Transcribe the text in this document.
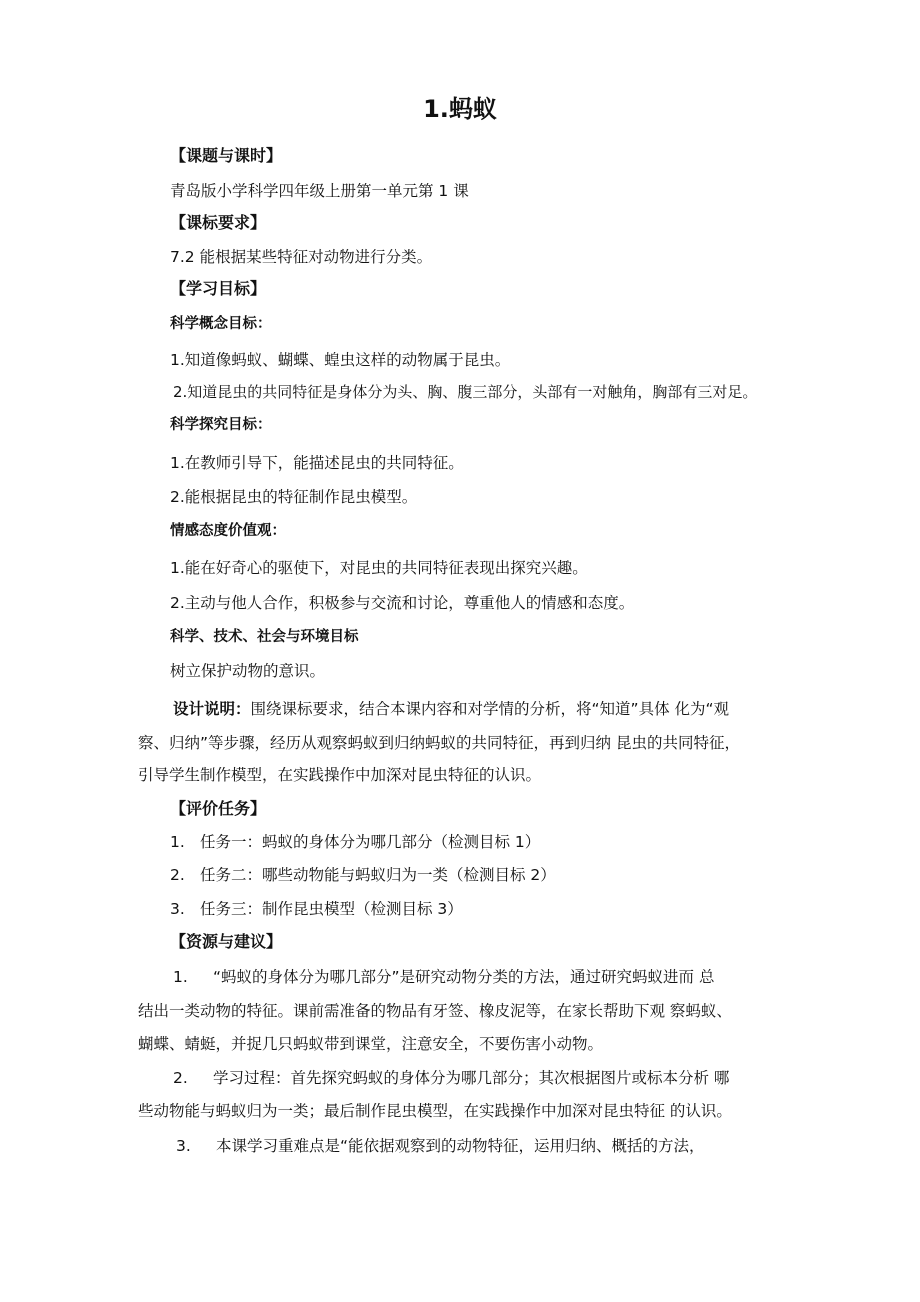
1.蚂蚁
【课题与课时】
青岛版小学科学四年级上册第一单元第 1 课
【课标要求】
7.2 能根据某些特征对动物进行分类。
【学习目标】
科学概念目标：
1.知道像蚂蚁、蝴蝶、蝗虫这样的动物属于昆虫。
2.知道昆虫的共同特征是身体分为头、胸、腹三部分，头部有一对触角，胸部有三对足。
科学探究目标：
1.在教师引导下，能描述昆虫的共同特征。
2.能根据昆虫的特征制作昆虫模型。
情感态度价值观：
1.能在好奇心的驱使下，对昆虫的共同特征表现出探究兴趣。
2.主动与他人合作，积极参与交流和讨论，尊重他人的情感和态度。
科学、技术、社会与环境目标
树立保护动物的意识。
设计说明：围绕课标要求，结合本课内容和对学情的分析，将“知道”具体 化为“观
察、归纳”等步骤，经历从观察蚂蚁到归纳蚂蚁的共同特征，再到归纳 昆虫的共同特征，
引导学生制作模型，在实践操作中加深对昆虫特征的认识。
【评价任务】
1. 任务一：蚂蚁的身体分为哪几部分（检测目标 1）
2. 任务二：哪些动物能与蚂蚁归为一类（检测目标 2）
3. 任务三：制作昆虫模型（检测目标 3）
【资源与建议】
1. “蚂蚁的身体分为哪几部分”是研究动物分类的方法，通过研究蚂蚁进而 总
结出一类动物的特征。课前需准备的物品有牙签、橡皮泥等，在家长帮助下观 察蚂蚁、
蝴蝶、蜻蜓，并捉几只蚂蚁带到课堂，注意安全，不要伤害小动物。
2. 学习过程：首先探究蚂蚁的身体分为哪几部分；其次根据图片或标本分析 哪
些动物能与蚂蚁归为一类；最后制作昆虫模型，在实践操作中加深对昆虫特征 的认识。
3. 本课学习重难点是“能依据观察到的动物特征，运用归纳、概括的方法，
